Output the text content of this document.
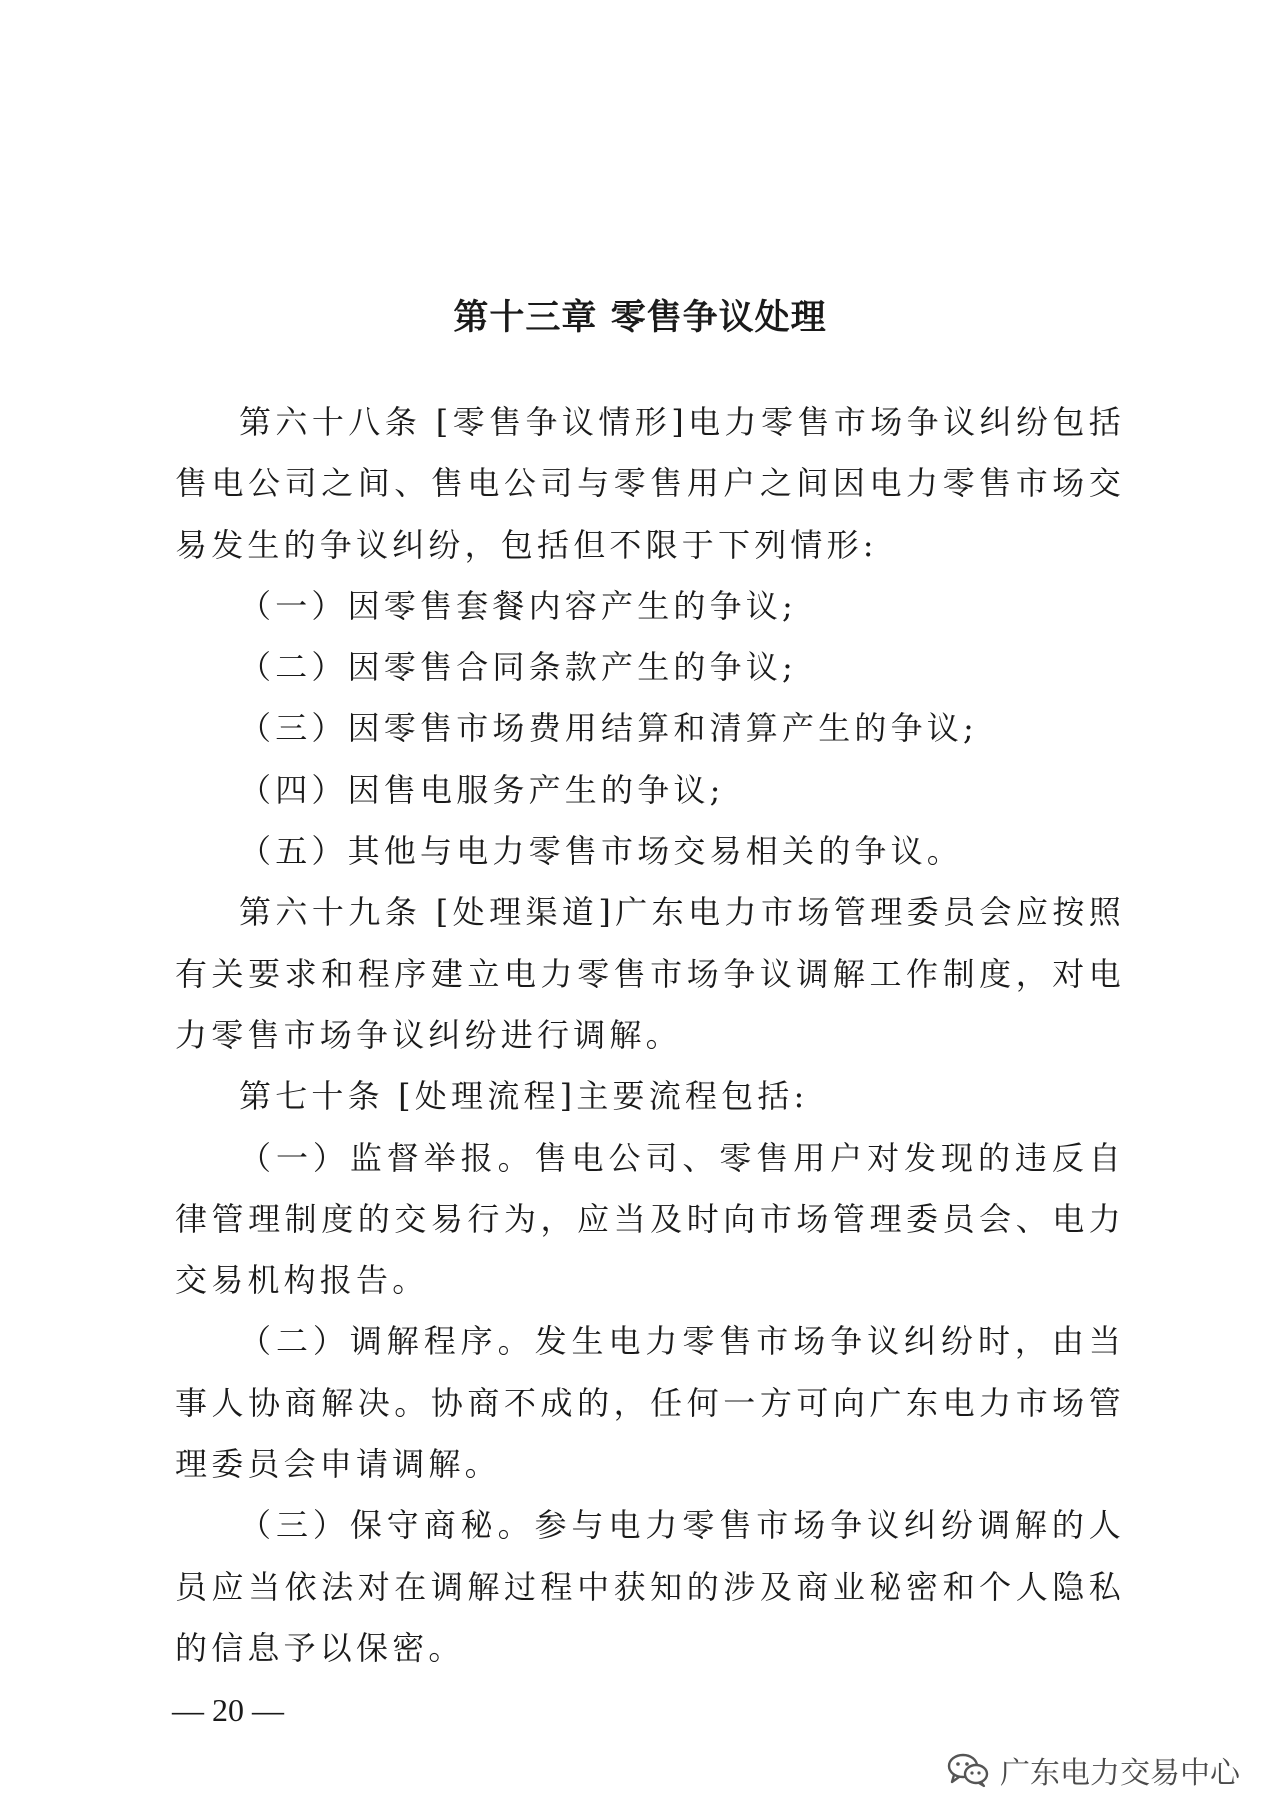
第十三章 零售争议处理

第六十八条 [零售争议情形]电力零售市场争议纠纷包括售电公司之间、售电公司与零售用户之间因电力零售市场交易发生的争议纠纷，包括但不限于下列情形:

（一）因零售套餐内容产生的争议;

（二）因零售合同条款产生的争议;

（三）因零售市场费用结算和清算产生的争议;

（四）因售电服务产生的争议;

（五）其他与电力零售市场交易相关的争议。

第六十九条 [处理渠道]广东电力市场管理委员会应按照有关要求和程序建立电力零售市场争议调解工作制度，对电力零售市场争议纠纷进行调解。

第七十条 [处理流程]主要流程包括:

（一）监督举报。售电公司、零售用户对发现的违反自律管理制度的交易行为，应当及时向市场管理委员会、电力交易机构报告。

（二）调解程序。发生电力零售市场争议纠纷时，由当事人协商解决。协商不成的，任何一方可向广东电力市场管理委员会申请调解。

（三）保守商秘。参与电力零售市场争议纠纷调解的人员应当依法对在调解过程中获知的涉及商业秘密和个人隐私的信息予以保密。

— 20 —
广东电力交易中心
